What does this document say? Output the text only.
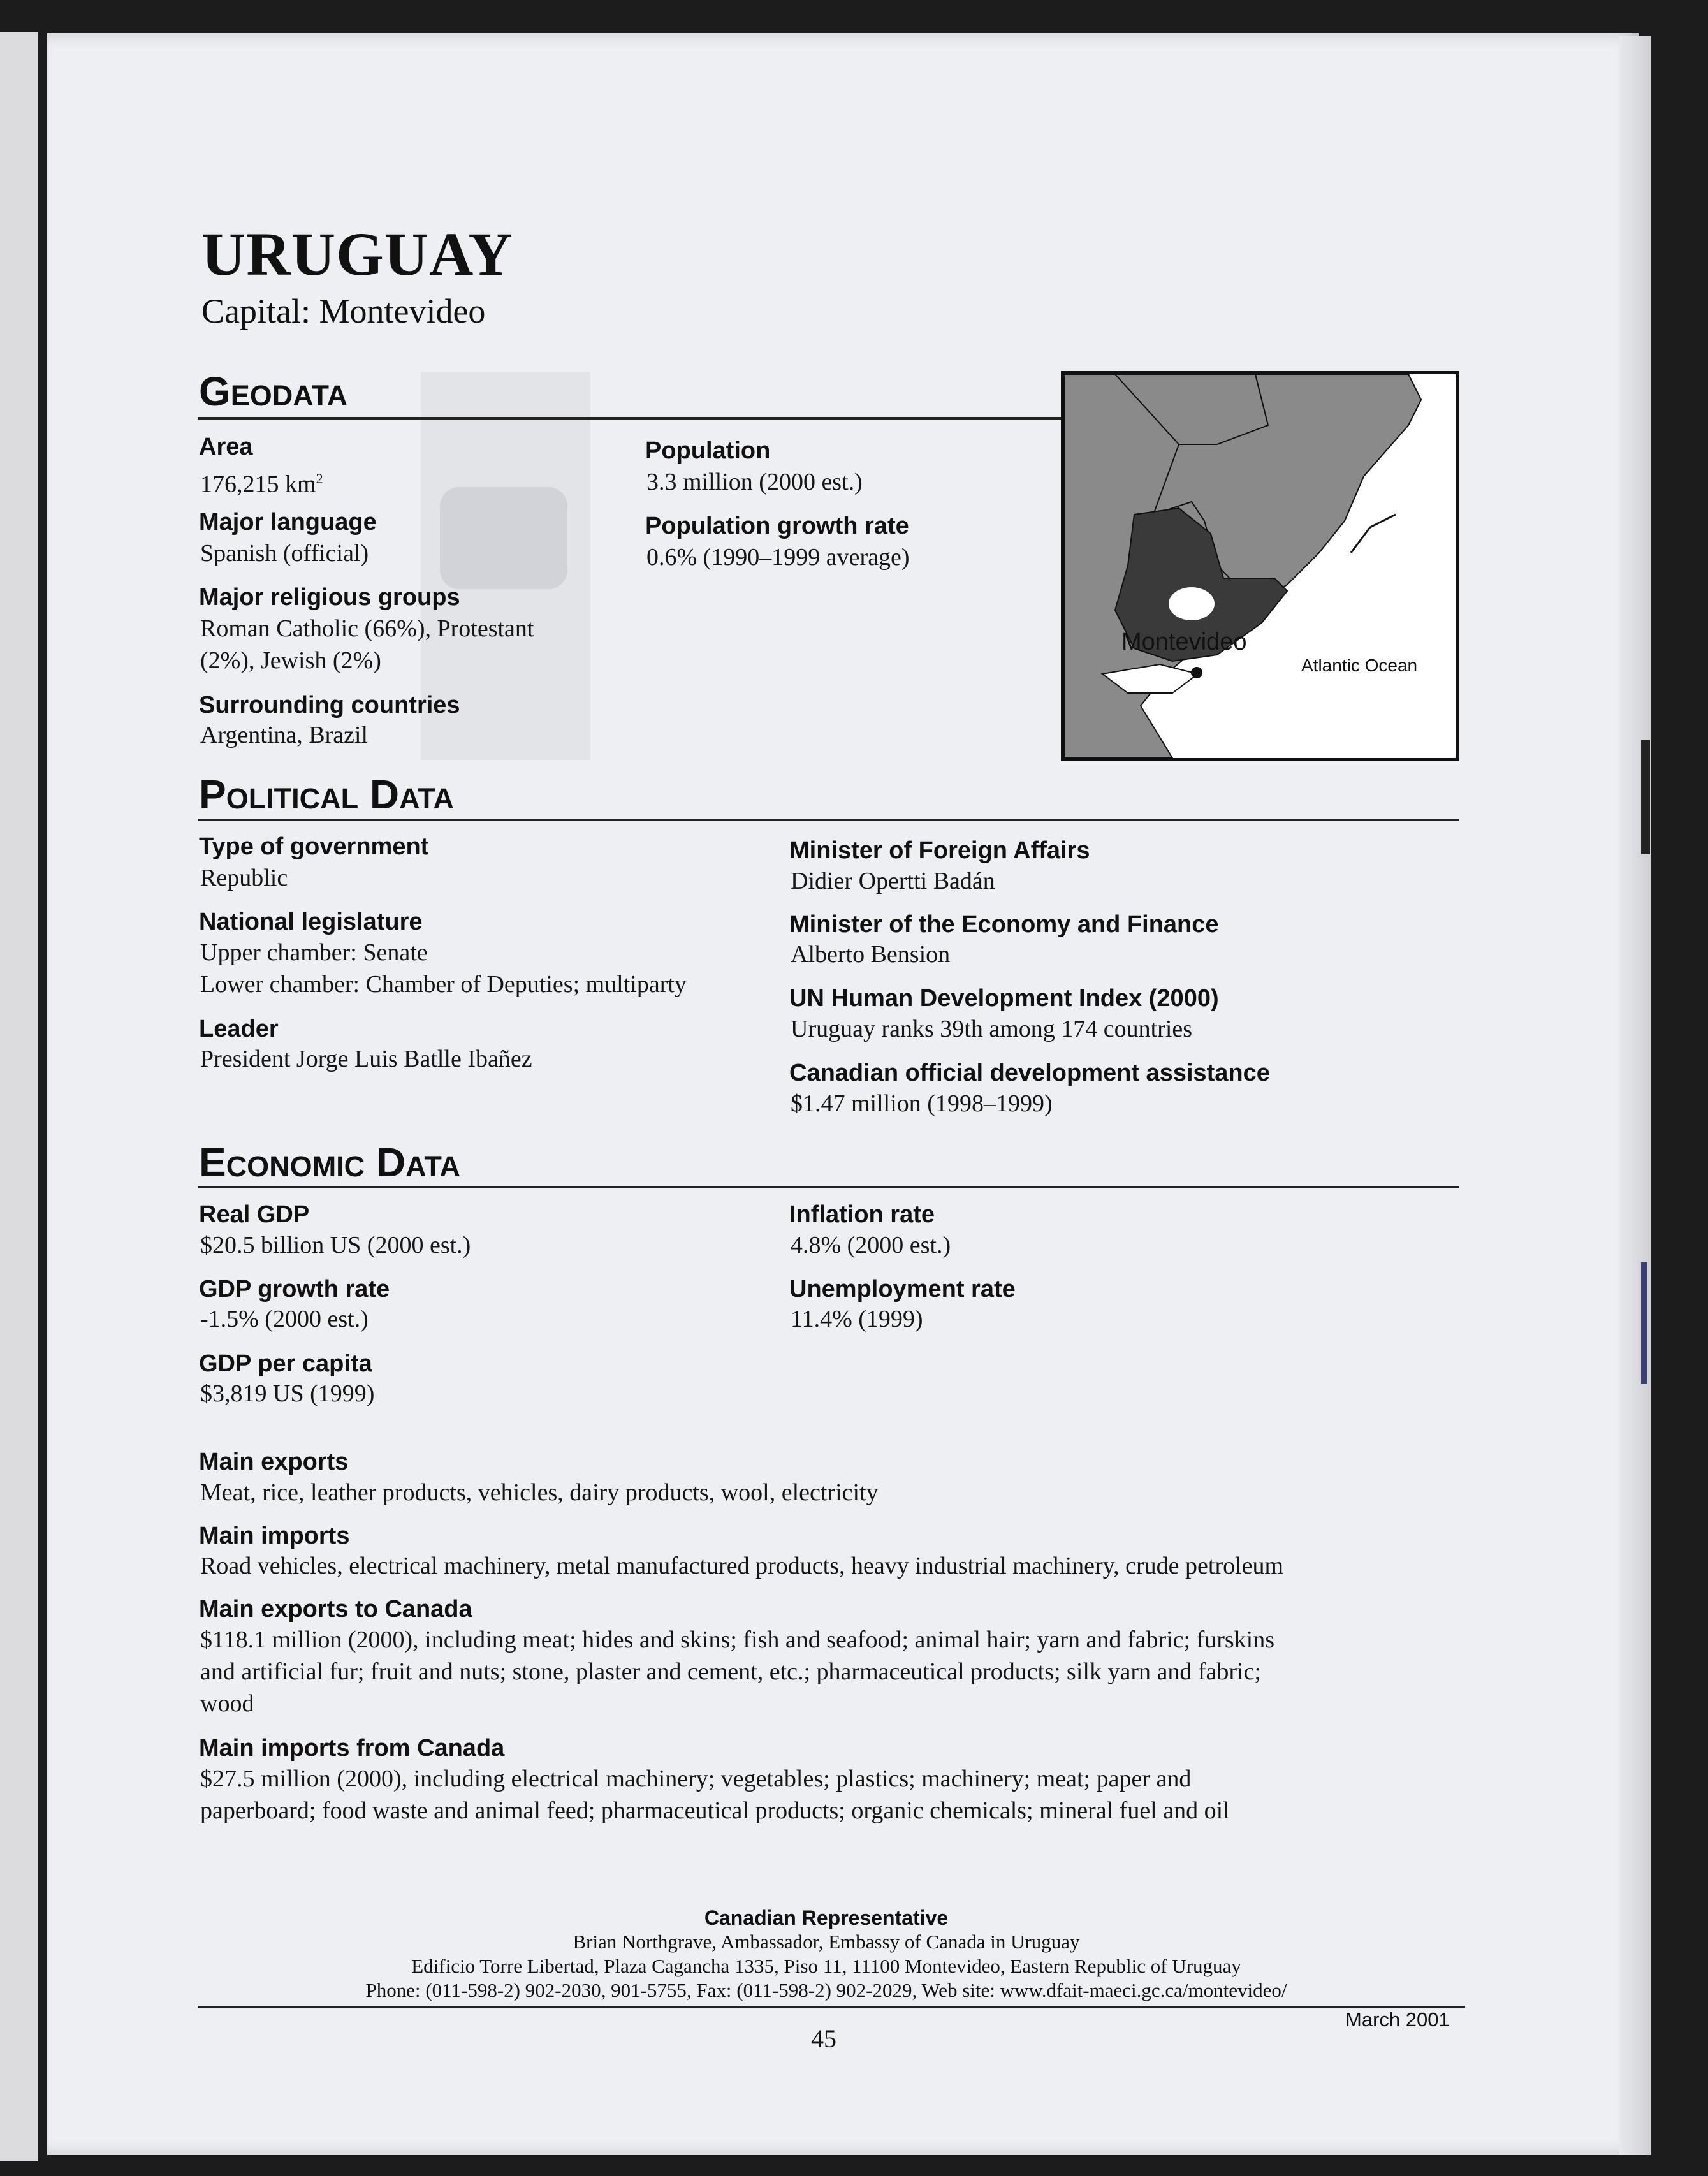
URUGUAY
Capital: Montevideo
Geodata
Area
176,215 $km^2$
Major language
Spanish (official)
Major religious groups
Roman Catholic (66%), Protestant
(2%), Jewish (2%)
Surrounding countries
Argentina, Brazil
Population
3.3 million (2000 est.)
Population growth rate
0.6% (1990–1999 average)
Montevideo
Atlantic Ocean
Political Data
Type of government
Republic
National legislature
Upper chamber: Senate
Lower chamber: Chamber of Deputies; multiparty
Leader
President Jorge Luis Batlle Ibañez
Minister of Foreign Affairs
Didier Opertti Badán
Minister of the Economy and Finance
Alberto Bension
UN Human Development Index (2000)
Uruguay ranks 39th among 174 countries
Canadian official development assistance
$1.47 million (1998–1999)
Economic Data
Real GDP
$20.5 billion US (2000 est.)
GDP growth rate
-1.5% (2000 est.)
GDP per capita
$3,819 US (1999)
Inflation rate
4.8% (2000 est.)
Unemployment rate
11.4% (1999)
Main exports
Meat, rice, leather products, vehicles, dairy products, wool, electricity
Main imports
Road vehicles, electrical machinery, metal manufactured products, heavy industrial machinery, crude petroleum
Main exports to Canada
$118.1 million (2000), including meat; hides and skins; fish and seafood; animal hair; yarn and fabric; furskins
and artificial fur; fruit and nuts; stone, plaster and cement, etc.; pharmaceutical products; silk yarn and fabric;
wood
Main imports from Canada
$27.5 million (2000), including electrical machinery; vegetables; plastics; machinery; meat; paper and
paperboard; food waste and animal feed; pharmaceutical products; organic chemicals; mineral fuel and oil
Canadian Representative
Brian Northgrave, Ambassador, Embassy of Canada in Uruguay
Edificio Torre Libertad, Plaza Cagancha 1335, Piso 11, 11100 Montevideo, Eastern Republic of Uruguay
Phone: (011-598-2) 902-2030, 901-5755, Fax: (011-598-2) 902-2029, Web site: www.dfait-maeci.gc.ca/montevideo/
March 2001
45
